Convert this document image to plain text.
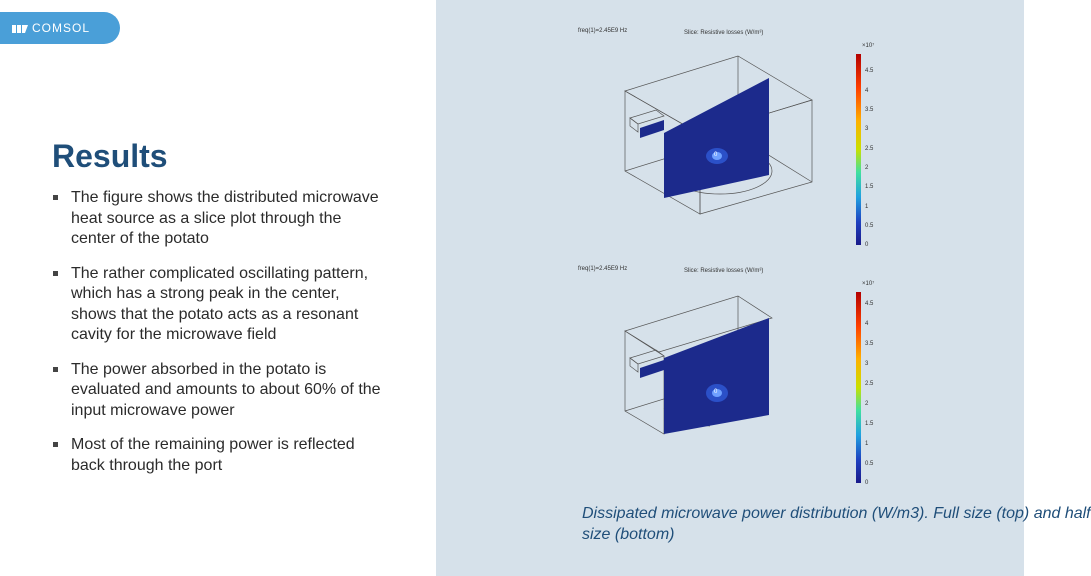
COMSOL
Results
The figure shows the distributed microwave heat source as a slice plot through the center of the potato
The rather complicated oscillating pattern, which has a strong peak in the center, shows that the potato acts as a resonant cavity for the microwave field
The power absorbed in the potato is evaluated and amounts to about 60% of the input microwave power
Most of the remaining power is reflected back through the port
freq(1)=2.45E9 Hz	Slice: Resistive losses (W/m³)
×10⁷
0
4.5
4
3.5
3
2.5
2
1.5
1
0.5
0
freq(1)=2.45E9 Hz	Slice: Resistive losses (W/m³)
×10⁷
0
4.5
4
3.5
3
2.5
2
1.5
1
0.5
0
Dissipated microwave power distribution (W/m3). Full size (top) and half
size (bottom)
